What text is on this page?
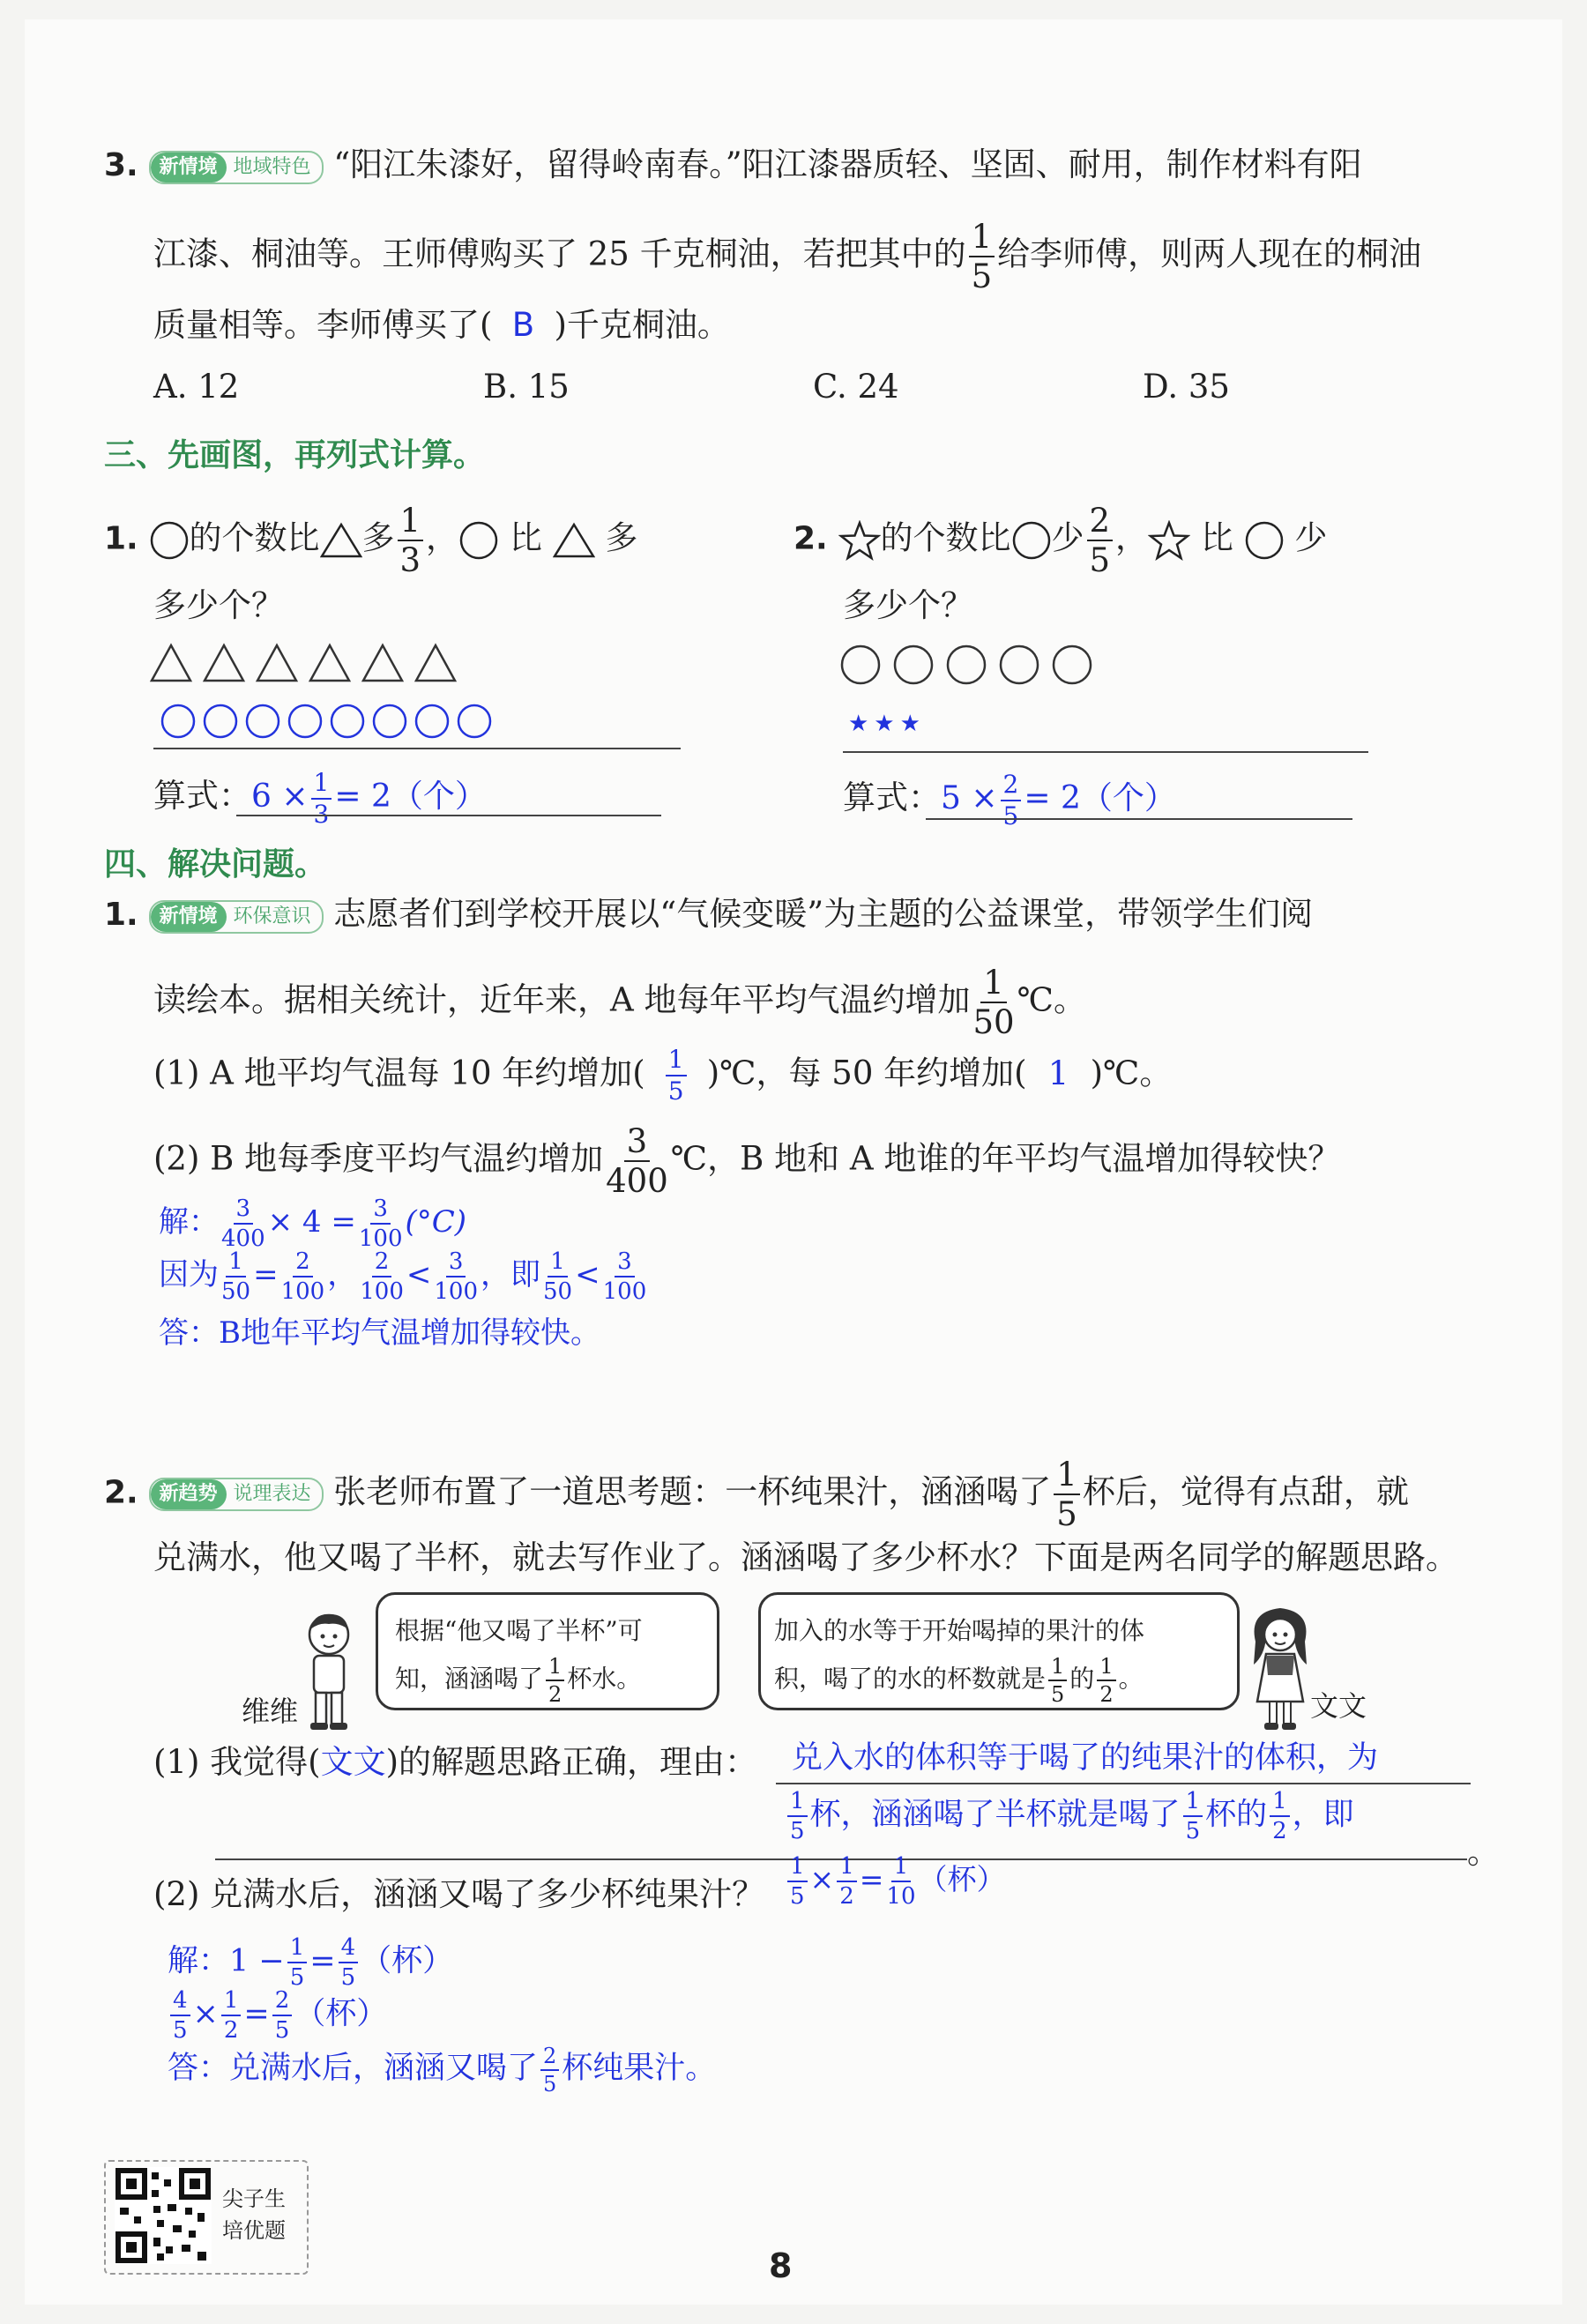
3.	新情境 地域特色 “阳江朱漆好，留得岭南春。”阳江漆器质轻、坚固、耐用，制作材料有阳
江漆、桐油等。王师傅购买了 25 千克桐油，若把其中的 $\frac{1}{5}$ 给李师傅，则两人现在的桐油
质量相等。李师傅买了( B )千克桐油。
A. 12	B. 15	C. 24	D. 35
三、先画图，再列式计算。
1. 的个数比 多 $\frac{1}{3}$ ， 比 多
多少个？
算式：$6 \times \frac{1}{3} = 2$（个）
2. 的个数比 少 $\frac{2}{5}$ ， 比 少
多少个？
★★★
算式：$5 \times \frac{2}{5} = 2$（个）
四、解决问题。
1.	新情境 环保意识 志愿者们到学校开展以“气候变暖”为主题的公益课堂，带领学生们阅
读绘本。据相关统计，近年来，A 地每年平均气温约增加 $\frac{1}{50}$ ℃。
(1) A 地平均气温每 10 年约增加( $\frac{1}{5}$ )℃，每 50 年约增加( 1 )℃。
(2) B 地每季度平均气温约增加 $\frac{3}{400}$ ℃，B 地和 A 地谁的年平均气温增加得较快？
解： $\frac{3}{400} \times 4 = \frac{3}{100} (^\circ C)$
因为 $\frac{1}{50} = \frac{2}{100}$ ， $\frac{2}{100} < \frac{3}{100}$ ，即 $\frac{1}{50} < \frac{3}{100}$
答：B地年平均气温增加得较快。
2.	新趋势 说理表达 张老师布置了一道思考题：一杯纯果汁，涵涵喝了 $\frac{1}{5}$ 杯后，觉得有点甜，就
兑满水，他又喝了半杯，就去写作业了。涵涵喝了多少杯水？下面是两名同学的解题思路。
维维
根据“他又喝了半杯”可
知，涵涵喝了 $\frac{1}{2}$ 杯水。
加入的水等于开始喝掉的果汁的体
积，喝了的水的杯数就是 $\frac{1}{5}$ 的 $\frac{1}{2}$ 。
文文
(1) 我觉得(文文)的解题思路正确，理由： 兑入水的体积等于喝了的纯果汁的体积，为
$\frac{1}{5}$ 杯，涵涵喝了半杯就是喝了 $\frac{1}{5}$ 杯的 $\frac{1}{2}$ ，即
。
$\frac{1}{5} \times \frac{1}{2} = \frac{1}{10}$ （杯）
(2) 兑满水后，涵涵又喝了多少杯纯果汁？
解：$1 - \frac{1}{5} = \frac{4}{5}$ （杯）
$\frac{4}{5} \times \frac{1}{2} = \frac{2}{5}$ （杯）
答：兑满水后，涵涵又喝了 $\frac{2}{5}$ 杯纯果汁。
尖子生
培优题
8
